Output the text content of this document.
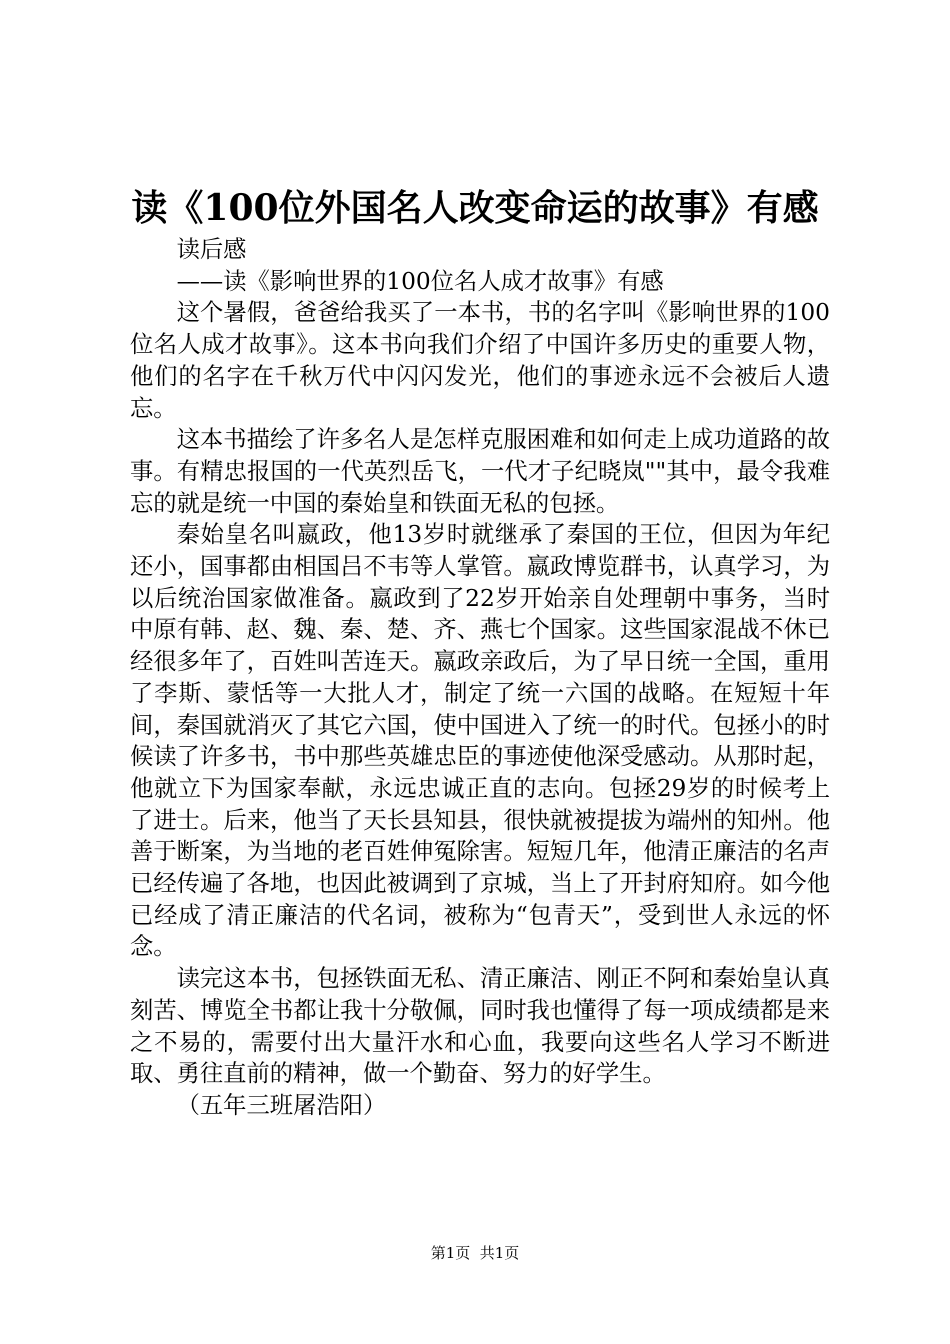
读《100位外国名人改变命运的故事》有感

读后感

——读《影响世界的100位名人成才故事》有感

这个暑假，爸爸给我买了一本书，书的名字叫《影响世界的100位名人成才故事》。这本书向我们介绍了中国许多历史的重要人物，他们的名字在千秋万代中闪闪发光，他们的事迹永远不会被后人遗忘。

这本书描绘了许多名人是怎样克服困难和如何走上成功道路的故事。有精忠报国的一代英烈岳飞，一代才子纪晓岚""其中，最令我难忘的就是统一中国的秦始皇和铁面无私的包拯。

秦始皇名叫嬴政，他13岁时就继承了秦国的王位，但因为年纪还小，国事都由相国吕不韦等人掌管。嬴政博览群书，认真学习，为以后统治国家做准备。嬴政到了22岁开始亲自处理朝中事务，当时中原有韩、赵、魏、秦、楚、齐、燕七个国家。这些国家混战不休已经很多年了，百姓叫苦连天。嬴政亲政后，为了早日统一全国，重用了李斯、蒙恬等一大批人才，制定了统一六国的战略。在短短十年间，秦国就消灭了其它六国，使中国进入了统一的时代。包拯小的时候读了许多书，书中那些英雄忠臣的事迹使他深受感动。从那时起，他就立下为国家奉献，永远忠诚正直的志向。包拯29岁的时候考上了进士。后来，他当了天长县知县，很快就被提拔为端州的知州。他善于断案，为当地的老百姓伸冤除害。短短几年，他清正廉洁的名声已经传遍了各地，也因此被调到了京城，当上了开封府知府。如今他已经成了清正廉洁的代名词，被称为“包青天”，受到世人永远的怀念。

读完这本书，包拯铁面无私、清正廉洁、刚正不阿和秦始皇认真刻苦、博览全书都让我十分敬佩，同时我也懂得了每一项成绩都是来之不易的，需要付出大量汗水和心血，我要向这些名人学习不断进取、勇往直前的精神，做一个勤奋、努力的好学生。

（五年三班屠浩阳）

第1页  共1页
